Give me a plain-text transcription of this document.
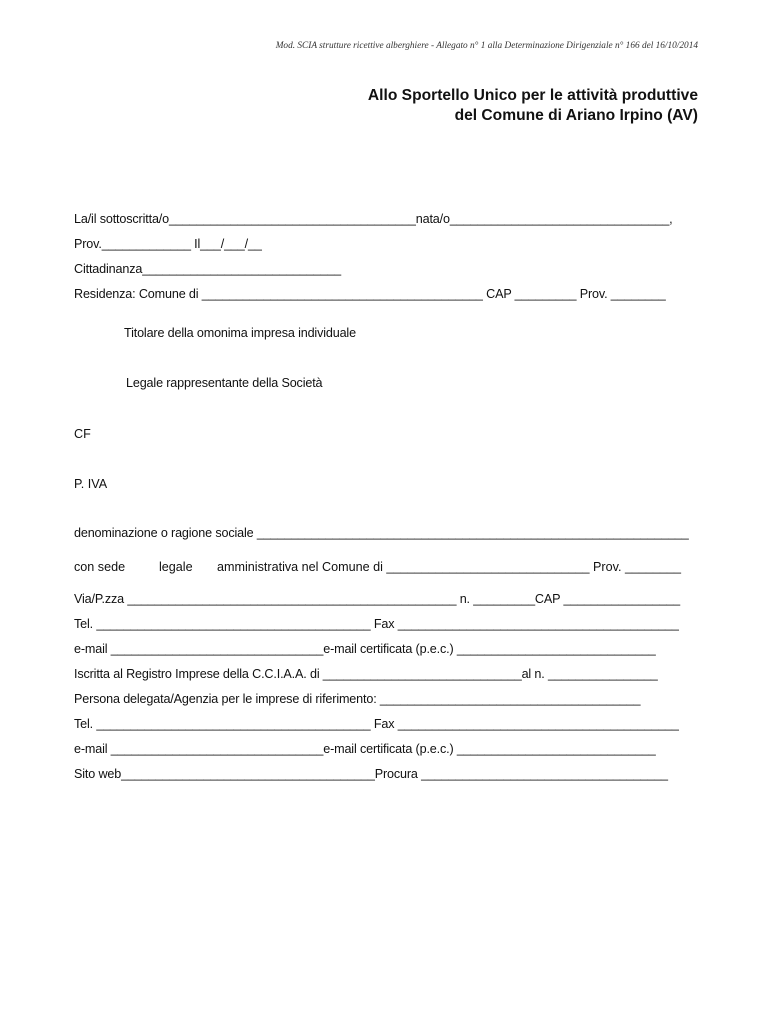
Mod. SCIA strutture ricettive alberghiere - Allegato n° 1 alla Determinazione Dirigenziale n° 166 del 16/10/2014
Allo Sportello Unico per le attività produttive
del Comune di Ariano Irpino (AV)
La/il sottoscritta/o____________________________________nata/o________________________________,
Prov._____________ Il___/___/__
Cittadinanza_____________________________
Residenza: Comune di _________________________________________ CAP _________ Prov. ________
Titolare della omonima impresa individuale
Legale rappresentante della Società
CF
P. IVA
denominazione o ragione sociale _______________________________________________________________
con sede	legale amministrativa nel Comune di _____________________________ Prov. ________
Via/P.zza ________________________________________________ n. _________CAP _________________
Tel. ________________________________________ Fax _________________________________________
e-mail _______________________________e-mail certificata (p.e.c.) _____________________________
Iscritta al Registro Imprese della C.C.I.A.A. di _____________________________al n. ________________
Persona delegata/Agenzia per le imprese di riferimento: ______________________________________
Tel. ________________________________________ Fax _________________________________________
e-mail _______________________________e-mail certificata (p.e.c.) _____________________________
Sito web_____________________________________Procura ____________________________________
